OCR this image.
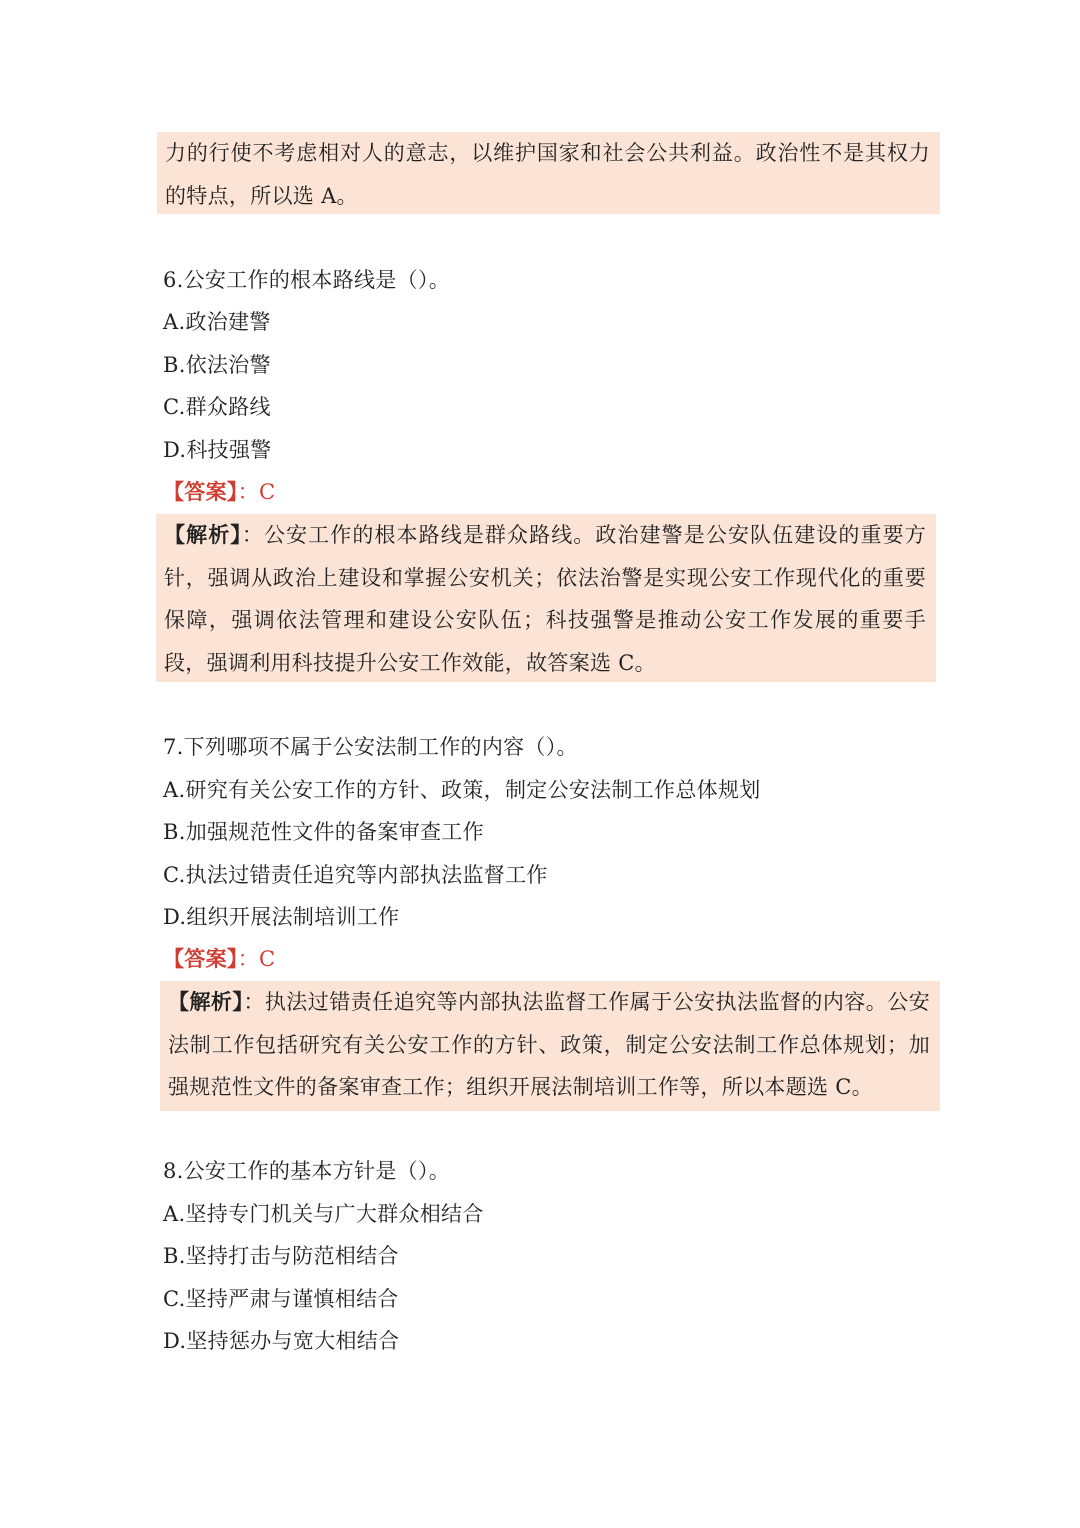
力的行使不考虑相对人的意志，以维护国家和社会公共利益。政治性不是其权力的特点，所以选 A。
6.公安工作的根本路线是（）。
A.政治建警
B.依法治警
C.群众路线
D.科技强警
【答案】：C
【解析】：公安工作的根本路线是群众路线。政治建警是公安队伍建设的重要方针，强调从政治上建设和掌握公安机关；依法治警是实现公安工作现代化的重要保障，强调依法管理和建设公安队伍；科技强警是推动公安工作发展的重要手段，强调利用科技提升公安工作效能，故答案选 C。
7.下列哪项不属于公安法制工作的内容（）。
A.研究有关公安工作的方针、政策，制定公安法制工作总体规划
B.加强规范性文件的备案审查工作
C.执法过错责任追究等内部执法监督工作
D.组织开展法制培训工作
【答案】：C
【解析】：执法过错责任追究等内部执法监督工作属于公安执法监督的内容。公安法制工作包括研究有关公安工作的方针、政策，制定公安法制工作总体规划；加强规范性文件的备案审查工作；组织开展法制培训工作等，所以本题选 C。
8.公安工作的基本方针是（）。
A.坚持专门机关与广大群众相结合
B.坚持打击与防范相结合
C.坚持严肃与谨慎相结合
D.坚持惩办与宽大相结合
